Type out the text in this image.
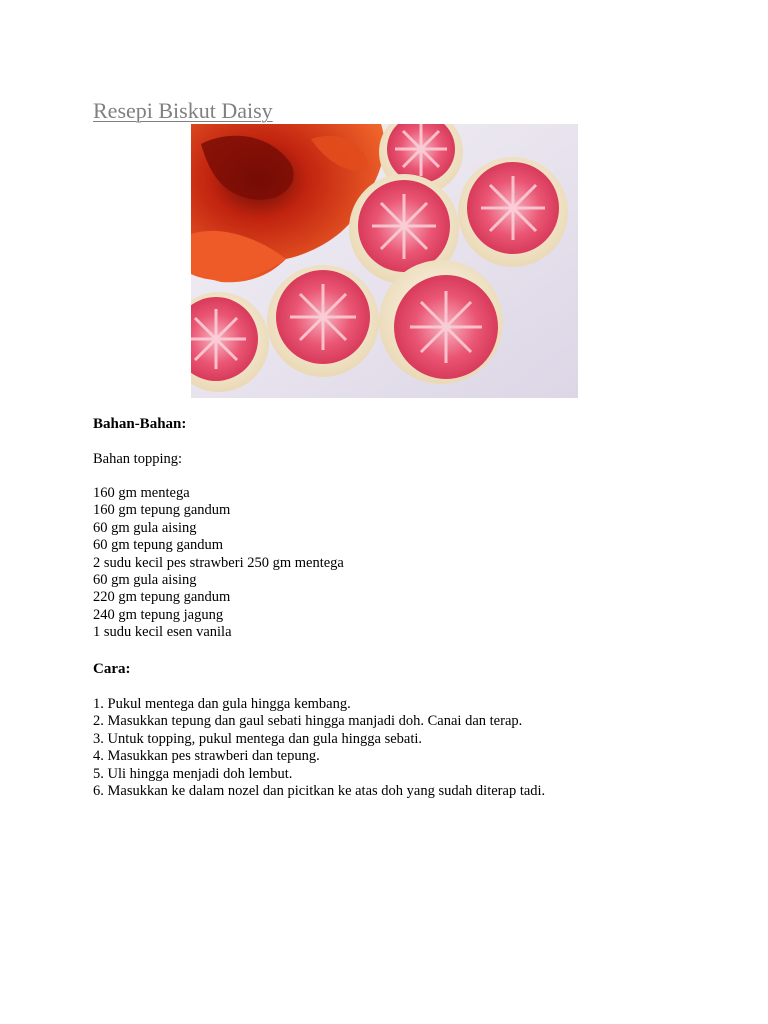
Resepi Biskut Daisy
Bahan-Bahan:
Bahan topping:
160 gm mentega
160 gm tepung gandum
60 gm gula aising
60 gm tepung gandum
2 sudu kecil pes strawberi 250 gm mentega
60 gm gula aising
220 gm tepung gandum
240 gm tepung jagung
1 sudu kecil esen vanila
Cara:
1. Pukul mentega dan gula hingga kembang.
2. Masukkan tepung dan gaul sebati hingga manjadi doh. Canai dan terap.
3. Untuk topping, pukul mentega dan gula hingga sebati.
4. Masukkan pes strawberi dan tepung.
5. Uli hingga menjadi doh lembut.
6. Masukkan ke dalam nozel dan picitkan ke atas doh yang sudah diterap tadi.
